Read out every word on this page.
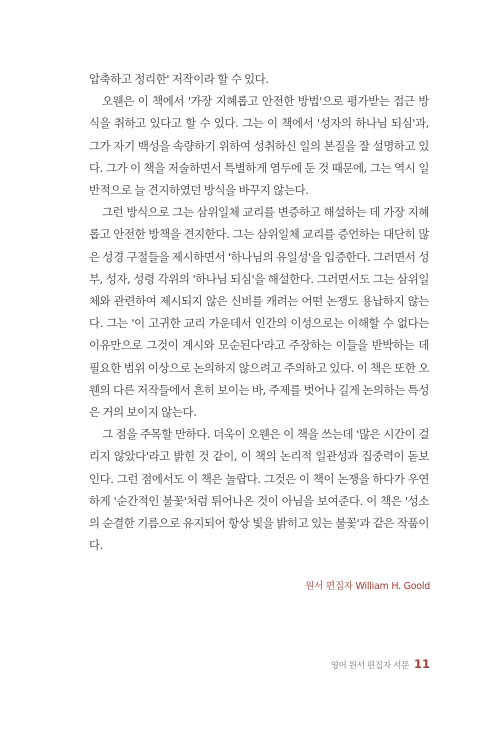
압축하고 정리한' 저작이라 할 수 있다.

오웬은 이 책에서 '가장 지혜롭고 안전한 방법'으로 평가받는 접근 방식을 취하고 있다고 할 수 있다. 그는 이 책에서 '성자의 하나님 되심'과, 그가 자기 백성을 속량하기 위하여 성취하신 일의 본질을 잘 설명하고 있다. 그가 이 책을 저술하면서 특별하게 염두에 둔 것 때문에, 그는 역시 일반적으로 늘 견지하였던 방식을 바꾸지 않는다.

그런 방식으로 그는 삼위일체 교리를 변증하고 해설하는 데 가장 지혜롭고 안전한 방책을 견지한다. 그는 삼위일체 교리를 증언하는 대단히 많은 성경 구절들을 제시하면서 '하나님의 유일성'을 입증한다. 그러면서 성부, 성자, 성령 각위의 '하나님 되심'을 해설한다. 그러면서도 그는 삼위일체와 관련하여 제시되지 않은 신비를 캐려는 어떤 논쟁도 용납하지 않는다. 그는 '이 고귀한 교리 가운데서 인간의 이성으로는 이해할 수 없다는 이유만으로 그것이 계시와 모순된다'라고 주장하는 이들을 반박하는 데 필요한 범위 이상으로 논의하지 않으려고 주의하고 있다. 이 책은 또한 오웬의 다른 저작들에서 흔히 보이는 바, 주제를 벗어나 길게 논의하는 특성은 거의 보이지 않는다.

그 점을 주목할 만하다. 더욱이 오웬은 이 책을 쓰는데 '많은 시간이 걸리지 않았다'라고 밝힌 것 같이, 이 책의 논리적 일관성과 집중력이 돋보인다. 그런 점에서도 이 책은 놀랍다. 그것은 이 책이 논쟁을 하다가 우연하게 '순간적인 불꽃'처럼 튀어나온 것이 아님을 보여준다. 이 책은 '성소의 순결한 기름으로 유지되어 항상 빛을 밝히고 있는 불꽃'과 같은 작품이다.

원서 편집자 William H. Goold
영어 원서 편집자 서문 11
